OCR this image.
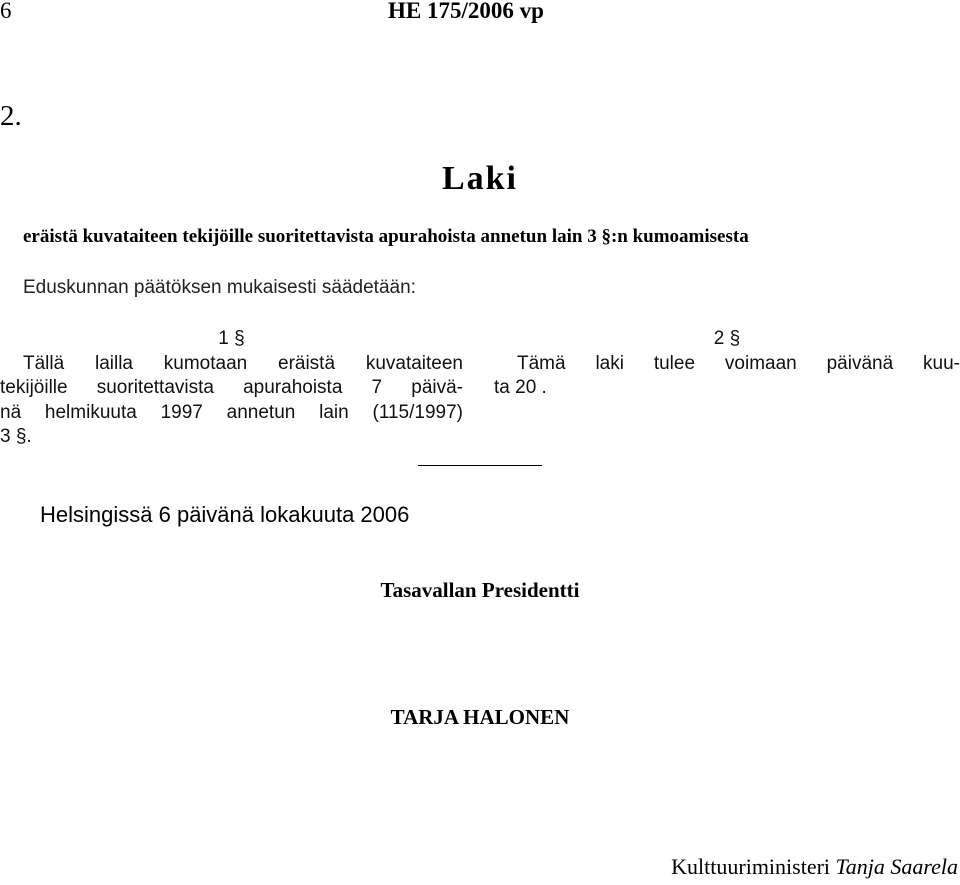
6	HE 175/2006 vp
2.
Laki
eräistä kuvataiteen tekijöille suoritettavista apurahoista annetun lain 3 §:n kumoamisesta
Eduskunnan päätöksen mukaisesti säädetään:
1 §
Tällä lailla kumotaan eräistä kuvataiteen
tekijöille suoritettavista apurahoista 7 päivä-
nä helmikuuta 1997 annetun lain (115/1997)
3 §.
2 §
Tämä laki tulee voimaan päivänä kuu-
ta 20 .
Helsingissä 6 päivänä lokakuuta 2006
Tasavallan Presidentti
TARJA HALONEN
Kulttuuriministeri Tanja Saarela
